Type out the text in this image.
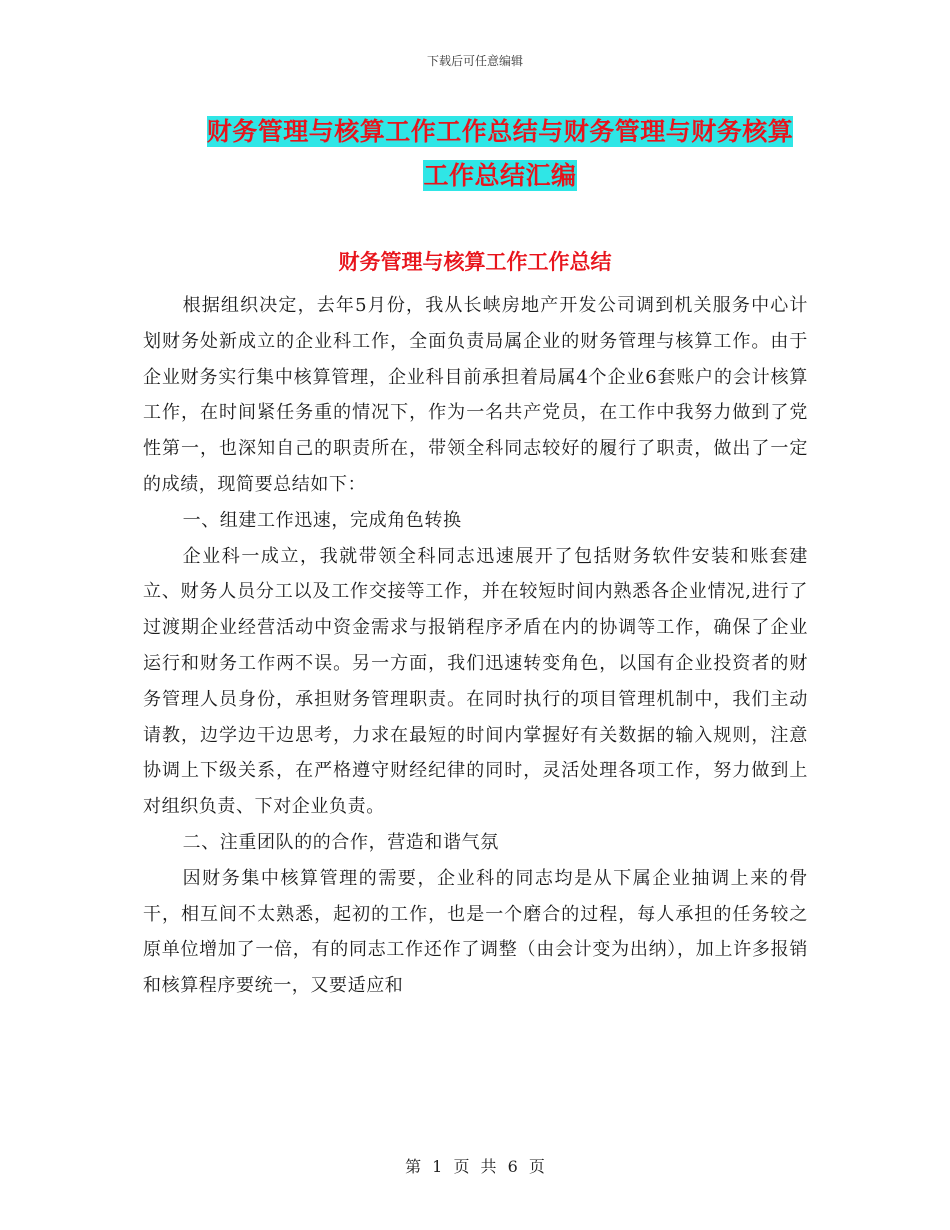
下载后可任意编辑
财务管理与核算工作工作总结与财务管理与财务核算
工作总结汇编
财务管理与核算工作工作总结

根据组织决定，去年5月份，我从长峡房地产开发公司调到机关服务中心计划财务处新成立的企业科工作，全面负责局属企业的财务管理与核算工作。由于企业财务实行集中核算管理，企业科目前承担着局属4个企业6套账户的会计核算工作，在时间紧任务重的情况下，作为一名共产党员，在工作中我努力做到了党性第一，也深知自己的职责所在，带领全科同志较好的履行了职责，做出了一定的成绩，现简要总结如下：

一、组建工作迅速，完成角色转换

企业科一成立，我就带领全科同志迅速展开了包括财务软件安装和账套建立、财务人员分工以及工作交接等工作，并在较短时间内熟悉各企业情况,进行了过渡期企业经营活动中资金需求与报销程序矛盾在内的协调等工作，确保了企业运行和财务工作两不误。另一方面，我们迅速转变角色，以国有企业投资者的财务管理人员身份，承担财务管理职责。在同时执行的项目管理机制中，我们主动请教，边学边干边思考，力求在最短的时间内掌握好有关数据的输入规则，注意协调上下级关系，在严格遵守财经纪律的同时，灵活处理各项工作，努力做到上对组织负责、下对企业负责。

二、注重团队的的合作，营造和谐气氛

因财务集中核算管理的需要，企业科的同志均是从下属企业抽调上来的骨干，相互间不太熟悉，起初的工作，也是一个磨合的过程，每人承担的任务较之原单位增加了一倍，有的同志工作还作了调整（由会计变为出纳），加上许多报销和核算程序要统一，又要适应和

第 1 页 共 6 页
